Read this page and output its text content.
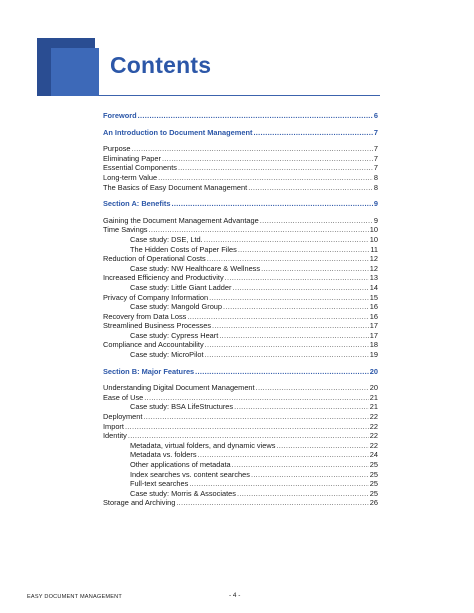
Contents
Foreword .....	6
An Introduction to Document Management .....	7
Purpose .....	7
Eliminating Paper .....	7
Essential Components .....	7
Long-term Value .....	8
The Basics of Easy Document Management .....	8
Section A: Benefits .....	9
Gaining the Document Management Advantage .....	9
Time Savings .....	10
Case study: DSE, Ltd. .....	10
The Hidden Costs of Paper Files .....	11
Reduction of Operational Costs .....	12
Case study: NW Healthcare & Wellness .....	12
Increased Efficiency and Productivity .....	13
Case study: Little Giant Ladder .....	14
Privacy of Company Information .....	15
Case study: Mangold Group .....	16
Recovery from Data Loss .....	16
Streamlined Business Processes .....	17
Case study: Cypress Heart .....	17
Compliance and Accountability .....	18
Case study: MicroPilot .....	19
Section B: Major Features .....	20
Understanding Digital Document Management .....	20
Ease of Use .....	21
Case study: BSA LifeStructures .....	21
Deployment .....	22
Import .....	22
Identity .....	22
Metadata, virtual folders, and dynamic views .....	22
Metadata vs. folders .....	24
Other applications of metadata .....	25
Index searches vs. content searches .....	25
Full-text searches .....	25
Case study: Morris & Associates .....	25
Storage and Archiving .....	26
EASY DOCUMENT MANAGEMENT	- 4 -
